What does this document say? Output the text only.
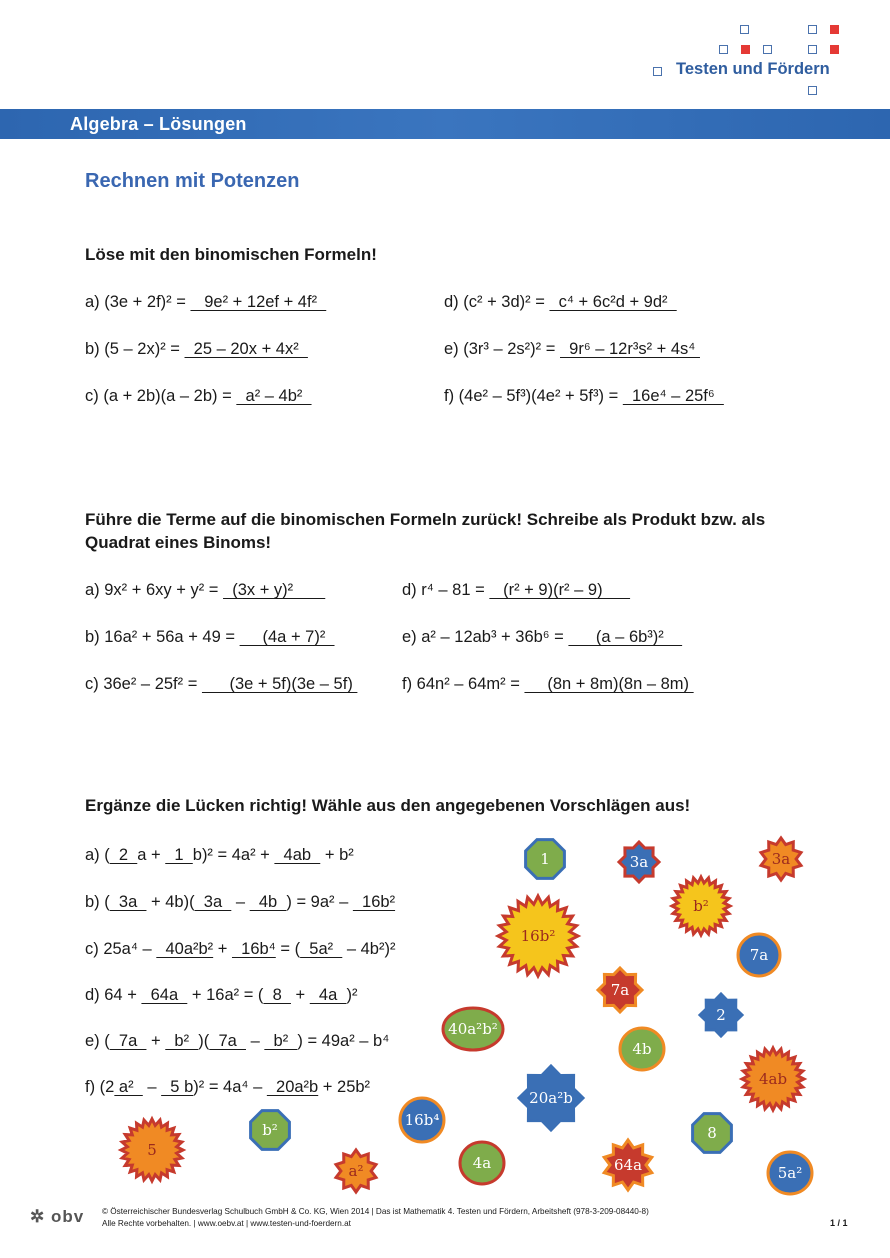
Testen und Fördern
Algebra – Lösungen
Rechnen mit Potenzen
Löse mit den binomischen Formeln!
a) (3e + 2f)² =    9e² + 12ef + 4f²
b) (5 – 2x)² =   25 – 20x + 4x²
c) (a + 2b)(a – 2b) =   a² – 4b²
d) (c² + 3d)² =   c⁴ + 6c²d + 9d²
e) (3r³ – 2s²)² =   9r⁶ – 12r³s² + 4s⁴
f) (4e² – 5f³)(4e² + 5f³) =   16e⁴ – 25f⁶
Führe die Terme auf die binomischen Formeln zurück! Schreibe als Produkt bzw. als
Quadrat eines Binoms!
a) 9x² + 6xy + y² =   (3x + y)²
b) 16a² + 56a + 49 =      (4a + 7)²
c) 36e² – 25f² =       (3e + 5f)(3e – 5f)
d) r⁴ – 81 =    (r² + 9)(r² – 9)
e) a² – 12ab³ + 36b⁶ =       (a – 6b³)²
f) 64n² – 64m² =      (8n + 8m)(8n – 8m)
Ergänze die Lücken richtig! Wähle aus den angegebenen Vorschlägen aus!
a) (  2  a +   1  b)² = 4a² +   4ab   + b²
b) (  3a   + 4b)(  3a   –   4b  ) = 9a² –   16b²
c) 25a⁴ –   40a²b² +   16b⁴ = (  5a²   – 4b²)²
d) 64 +   64a   + 16a² = (  8   +   4a  )²
e) (  7a   +   b²  )(  7a   –   b²  ) = 49a² – b⁴
f) (2 a²   –   5 b)² = 4a⁴ –   20a²b + 25b²
1	3a	3a
b²
16b²
7a
7a
2
40a²b²
4b
4ab
20a²b
16b⁴
b²
5
8
a²	4a	64a	5a²
✲ obv © Österreichischer Bundesverlag Schulbuch GmbH & Co. KG, Wien 2014 | Das ist Mathematik 4. Testen und Fördern, Arbeitsheft (978-3-209-08440-8)
Alle Rechte vorbehalten. | www.oebv.at | www.testen-und-foerdern.at	1 / 1
